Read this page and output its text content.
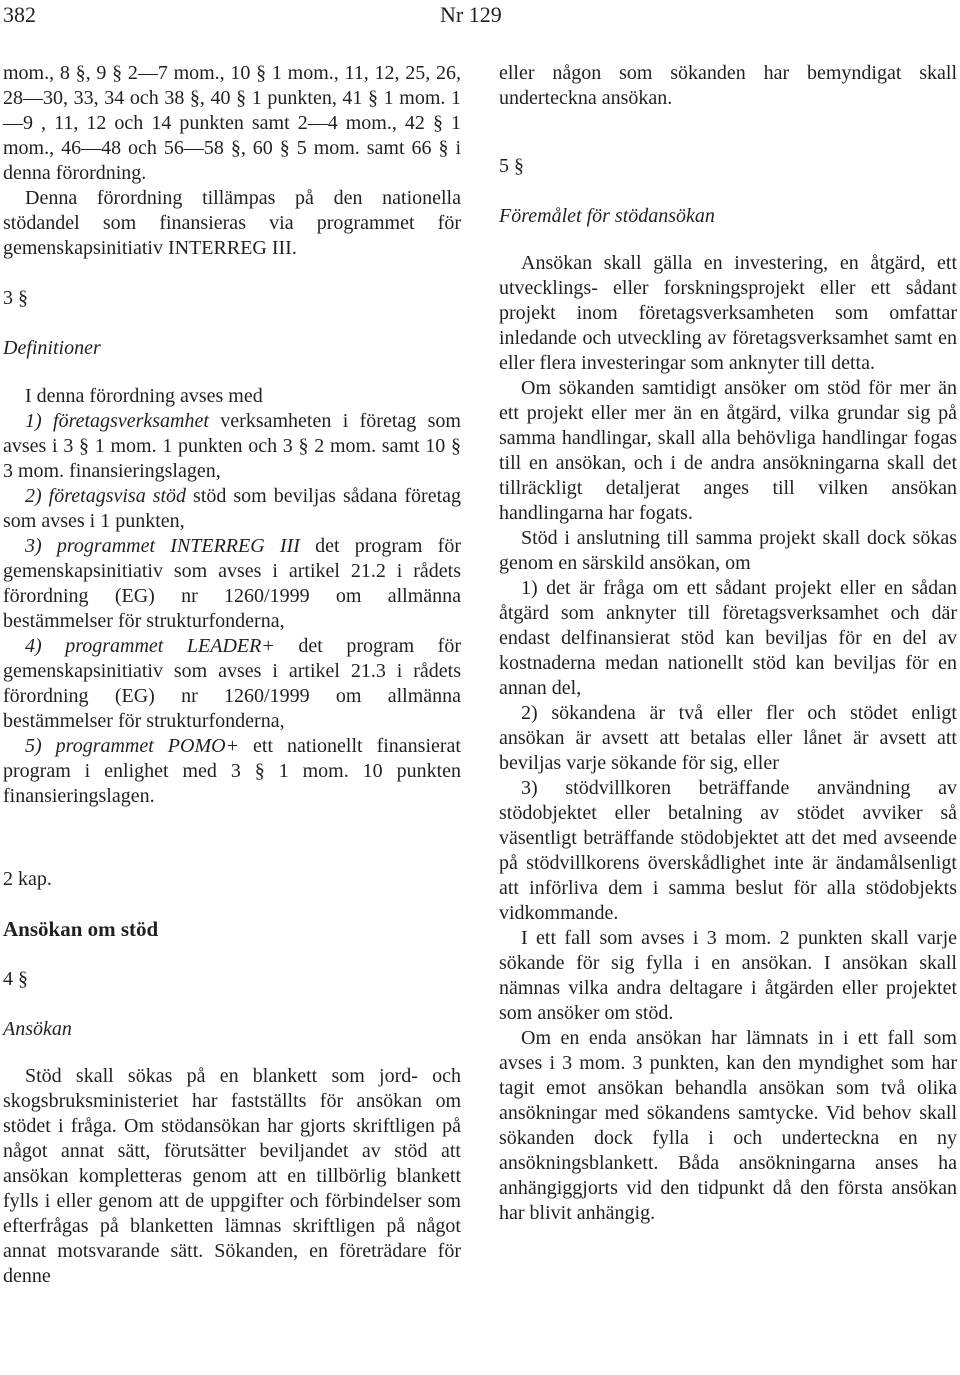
382	Nr 129

mom., 8 §, 9 § 2—7 mom., 10 § 1 mom., 11, 12, 25, 26, 28—30, 33, 34 och 38 §, 40 § 1 punkten, 41 § 1 mom. 1—9 , 11, 12 och 14 punkten samt 2—4 mom., 42 § 1 mom., 46—48 och 56—58 §, 60 § 5 mom. samt 66 § i denna förordning.

Denna förordning tillämpas på den nationella stödandel som finansieras via programmet för gemenskapsinitiativ INTERREG III.

3 §

Definitioner

I denna förordning avses med

1) företagsverksamhet verksamheten i företag som avses i 3 § 1 mom. 1 punkten och 3 § 2 mom. samt 10 § 3 mom. finansieringslagen,

2) företagsvisa stöd stöd som beviljas sådana företag som avses i 1 punkten,

3) programmet INTERREG III det program för gemenskapsinitiativ som avses i artikel 21.2 i rådets förordning (EG) nr 1260/1999 om allmänna bestämmelser för strukturfonderna,

4) programmet LEADER+ det program för gemenskapsinitiativ som avses i artikel 21.3 i rådets förordning (EG) nr 1260/1999 om allmänna bestämmelser för strukturfonderna,

5) programmet POMO+ ett nationellt finansierat program i enlighet med 3 § 1 mom. 10 punkten finansieringslagen.

2 kap.

Ansökan om stöd

4 §

Ansökan

Stöd skall sökas på en blankett som jord- och skogsbruksministeriet har fastställts för ansökan om stödet i fråga. Om stödansökan har gjorts skriftligen på något annat sätt, förutsätter beviljandet av stöd att ansökan kompletteras genom att en tillbörlig blankett fylls i eller genom att de uppgifter och förbindelser som efterfrågas på blanketten lämnas skriftligen på något annat motsvarande sätt. Sökanden, en företrädare för denne

eller någon som sökanden har bemyndigat skall underteckna ansökan.

5 §

Föremålet för stödansökan

Ansökan skall gälla en investering, en åtgärd, ett utvecklings- eller forskningsprojekt eller ett sådant projekt inom företagsverksamheten som omfattar inledande och utveckling av företagsverksamhet samt en eller flera investeringar som anknyter till detta.

Om sökanden samtidigt ansöker om stöd för mer än ett projekt eller mer än en åtgärd, vilka grundar sig på samma handlingar, skall alla behövliga handlingar fogas till en ansökan, och i de andra ansökningarna skall det tillräckligt detaljerat anges till vilken ansökan handlingarna har fogats.

Stöd i anslutning till samma projekt skall dock sökas genom en särskild ansökan, om

1) det är fråga om ett sådant projekt eller en sådan åtgärd som anknyter till företagsverksamhet och där endast delfinansierat stöd kan beviljas för en del av kostnaderna medan nationellt stöd kan beviljas för en annan del,

2) sökandena är två eller fler och stödet enligt ansökan är avsett att betalas eller lånet är avsett att beviljas varje sökande för sig, eller

3) stödvillkoren beträffande användning av stödobjektet eller betalning av stödet avviker så väsentligt beträffande stödobjektet att det med avseende på stödvillkorens överskådlighet inte är ändamålsenligt att införliva dem i samma beslut för alla stödobjekts vidkommande.

I ett fall som avses i 3 mom. 2 punkten skall varje sökande för sig fylla i en ansökan. I ansökan skall nämnas vilka andra deltagare i åtgärden eller projektet som ansöker om stöd.

Om en enda ansökan har lämnats in i ett fall som avses i 3 mom. 3 punkten, kan den myndighet som har tagit emot ansökan behandla ansökan som två olika ansökningar med sökandens samtycke. Vid behov skall sökanden dock fylla i och underteckna en ny ansökningsblankett. Båda ansökningarna anses ha anhängiggjorts vid den tidpunkt då den första ansökan har blivit anhängig.
